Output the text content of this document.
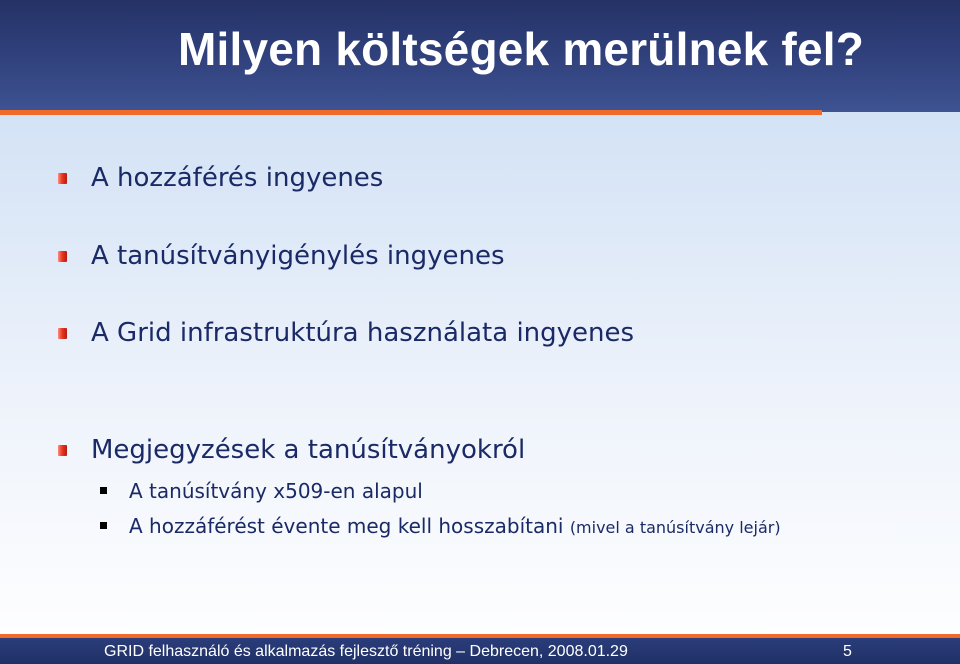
Milyen költségek merülnek fel?
A hozzáférés ingyenes
A tanúsítványigénylés ingyenes
A Grid infrastruktúra használata ingyenes
Megjegyzések a tanúsítványokról
A tanúsítvány x509-en alapul
A hozzáférést évente meg kell hosszabítani (mivel a tanúsítvány lejár)
GRID felhasználó és alkalmazás fejlesztő tréning – Debrecen, 2008.01.29	5
